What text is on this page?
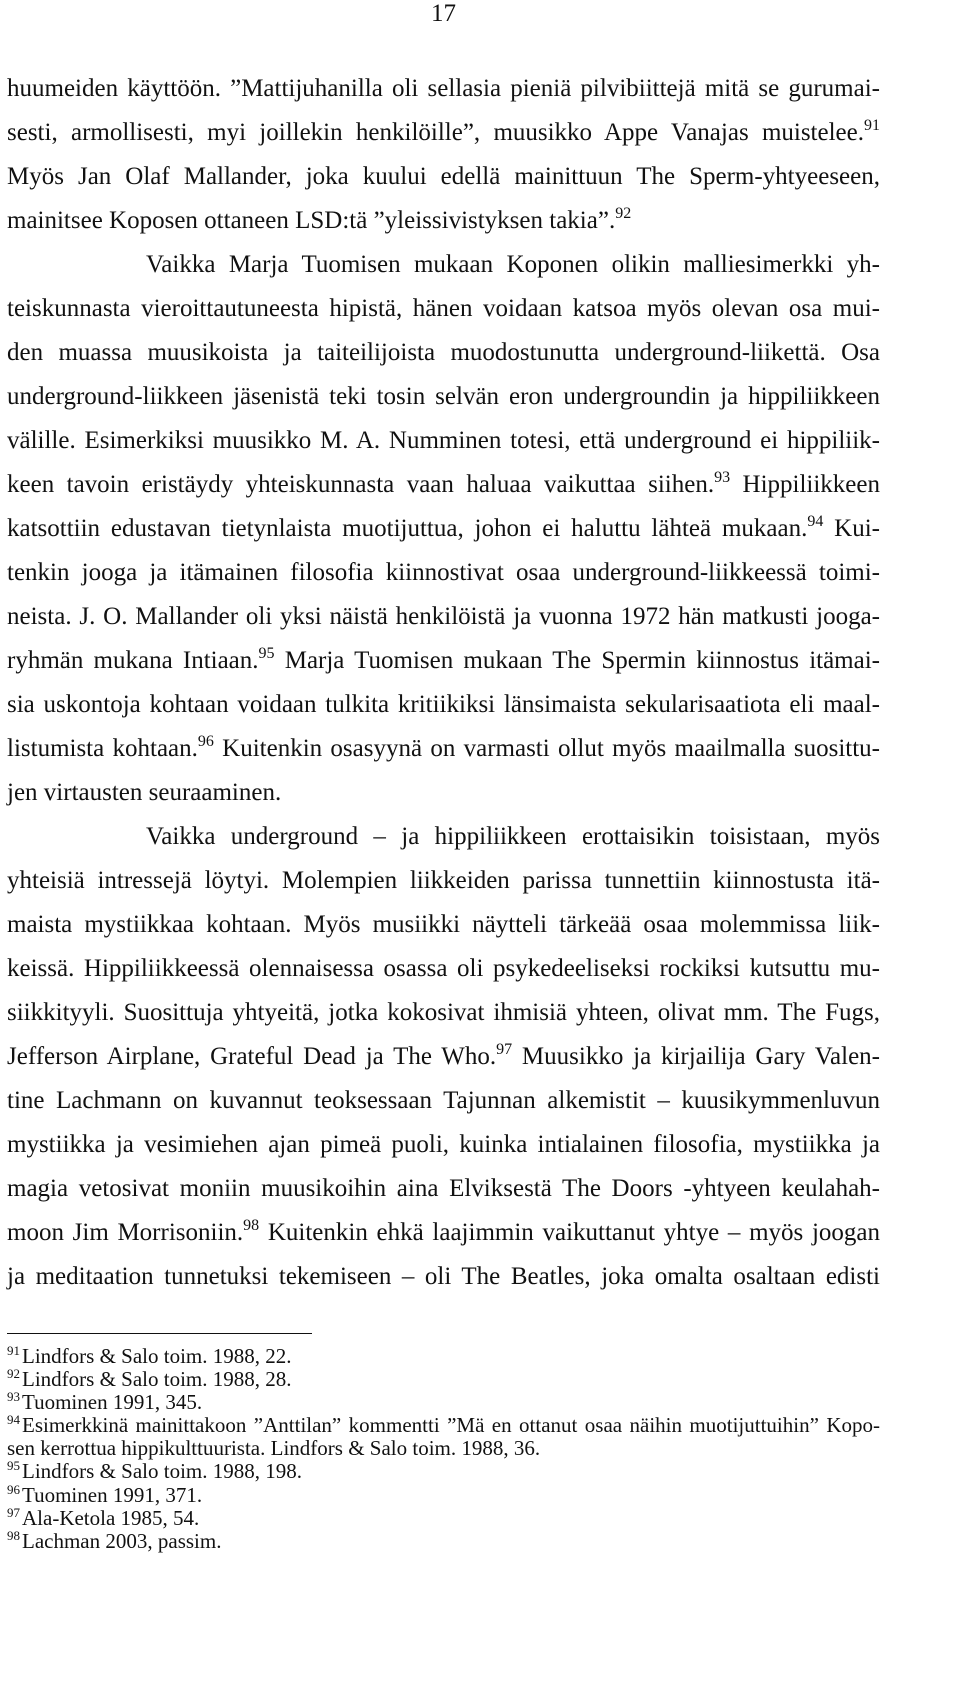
17
huumeiden käyttöön. ”Mattijuhanilla oli sellasia pieniä pilvibiittejä mitä se gurumai-
sesti, armollisesti, myi joillekin henkilöille”, muusikko Appe Vanajas muistelee.$^{91}$
Myös Jan Olaf Mallander, joka kuului edellä mainittuun The Sperm-yhtyeeseen,
mainitsee Koposen ottaneen LSD:tä ”yleissivistyksen takia”.$^{92}$
Vaikka Marja Tuomisen mukaan Koponen olikin malliesimerkki yh-
teiskunnasta vieroittautuneesta hipistä, hänen voidaan katsoa myös olevan osa mui-
den muassa muusikoista ja taiteilijoista muodostunutta underground-liikettä. Osa
underground-liikkeen jäsenistä teki tosin selvän eron undergroundin ja hippiliikkeen
välille. Esimerkiksi muusikko M. A. Numminen totesi, että underground ei hippiliik-
keen tavoin eristäydy yhteiskunnasta vaan haluaa vaikuttaa siihen.$^{93}$ Hippiliikkeen
katsottiin edustavan tietynlaista muotijuttua, johon ei haluttu lähteä mukaan.$^{94}$ Kui-
tenkin jooga ja itämainen filosofia kiinnostivat osaa underground-liikkeessä toimi-
neista. J. O. Mallander oli yksi näistä henkilöistä ja vuonna 1972 hän matkusti jooga-
ryhmän mukana Intiaan.$^{95}$ Marja Tuomisen mukaan The Spermin kiinnostus itämai-
sia uskontoja kohtaan voidaan tulkita kritiikiksi länsimaista sekularisaatiota eli maal-
listumista kohtaan.$^{96}$ Kuitenkin osasyynä on varmasti ollut myös maailmalla suosittu-
jen virtausten seuraaminen.
Vaikka underground – ja hippiliikkeen erottaisikin toisistaan, myös
yhteisiä intressejä löytyi. Molempien liikkeiden parissa tunnettiin kiinnostusta itä-
maista mystiikkaa kohtaan. Myös musiikki näytteli tärkeää osaa molemmissa liik-
keissä. Hippiliikkeessä olennaisessa osassa oli psykedeeliseksi rockiksi kutsuttu mu-
siikkityyli. Suosittuja yhtyeitä, jotka kokosivat ihmisiä yhteen, olivat mm. The Fugs,
Jefferson Airplane, Grateful Dead ja The Who.$^{97}$ Muusikko ja kirjailija Gary Valen-
tine Lachmann on kuvannut teoksessaan Tajunnan alkemistit – kuusikymmenluvun
mystiikka ja vesimiehen ajan pimeä puoli, kuinka intialainen filosofia, mystiikka ja
magia vetosivat moniin muusikoihin aina Elviksestä The Doors -yhtyeen keulahah-
moon Jim Morrisoniin.$^{98}$ Kuitenkin ehkä laajimmin vaikuttanut yhtye – myös joogan
ja meditaation tunnetuksi tekemiseen – oli The Beatles, joka omalta osaltaan edisti
$^{91}$Lindfors & Salo toim. 1988, 22.
$^{92}$Lindfors & Salo toim. 1988, 28.
$^{93}$Tuominen 1991, 345.
$^{94}$Esimerkkinä mainittakoon ”Anttilan” kommentti ”Mä en ottanut osaa näihin muotijuttuihin” Kopo-
sen kerrottua hippikulttuurista. Lindfors & Salo toim. 1988, 36.
$^{95}$Lindfors & Salo toim. 1988, 198.
$^{96}$Tuominen 1991, 371.
$^{97}$Ala-Ketola 1985, 54.
$^{98}$Lachman 2003, passim.
